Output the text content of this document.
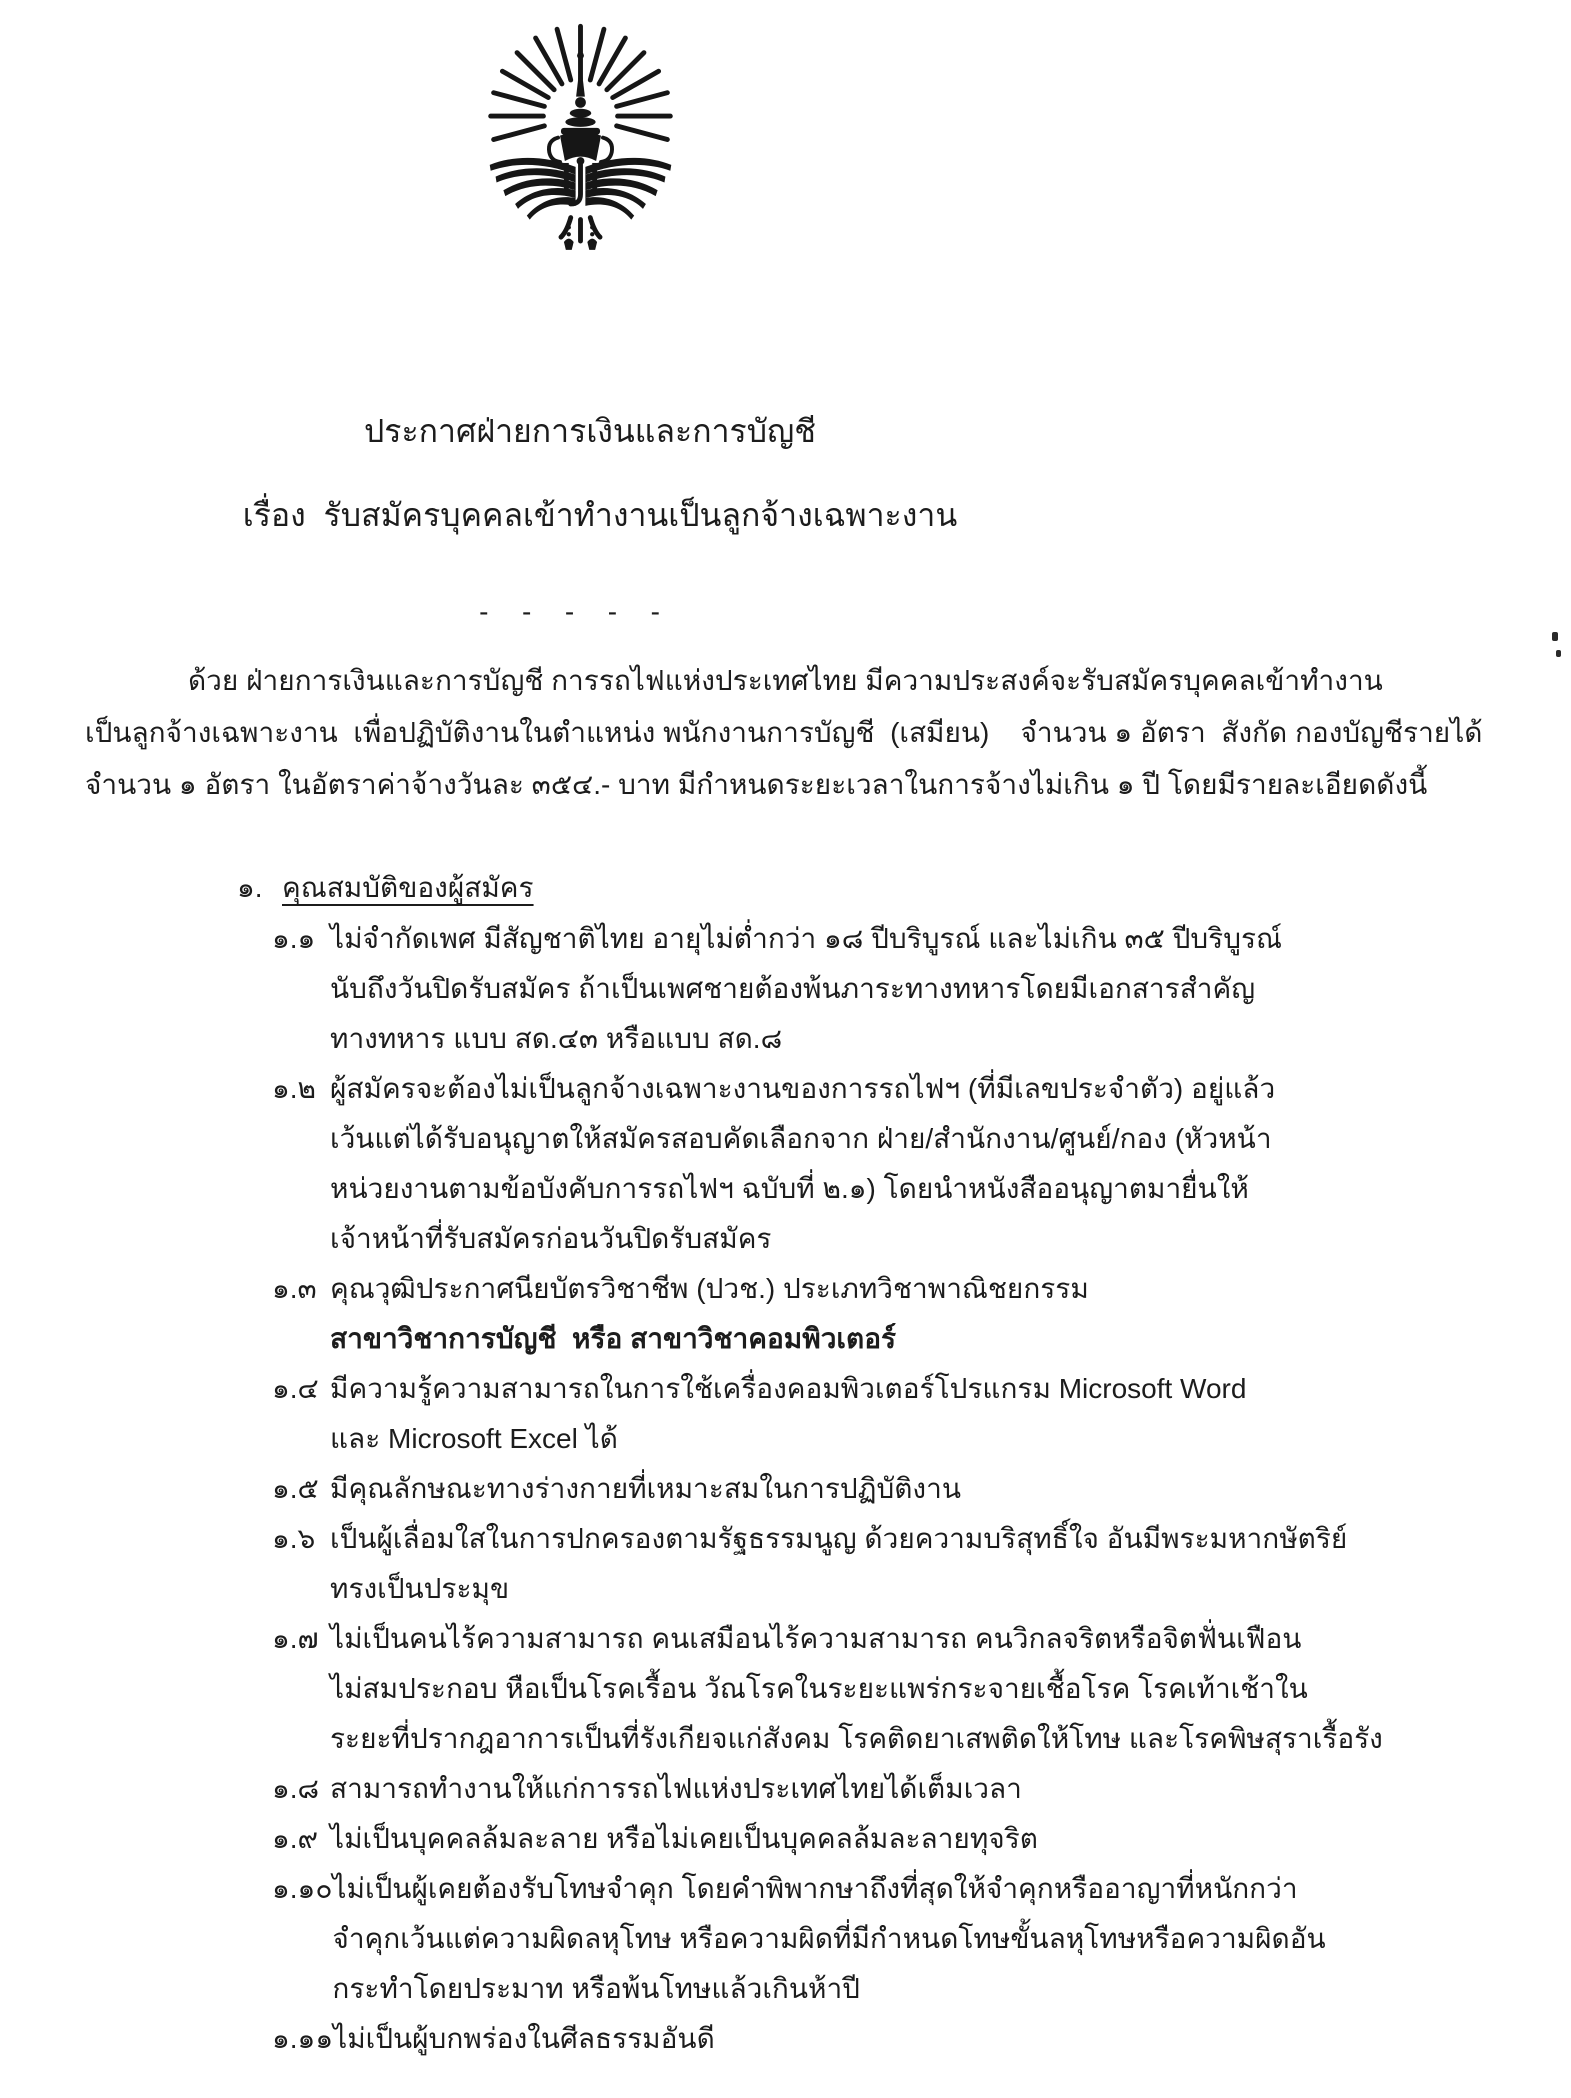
ประกาศฝ่ายการเงินและการบัญชี
เรื่อง  รับสมัครบุคคลเข้าทำงานเป็นลูกจ้างเฉพาะงาน
-  -  -  -  -
ด้วย ฝ่ายการเงินและการบัญชี การรถไฟแห่งประเทศไทย มีความประสงค์จะรับสมัครบุคคลเข้าทำงาน
เป็นลูกจ้างเฉพาะงาน  เพื่อปฏิบัติงานในตำแหน่ง พนักงานการบัญชี  (เสมียน)    จำนวน ๑ อัตรา  สังกัด กองบัญชีรายได้
จำนวน ๑ อัตรา ในอัตราค่าจ้างวันละ ๓๕๔.- บาท มีกำหนดระยะเวลาในการจ้างไม่เกิน ๑ ปี โดยมีรายละเอียดดังนี้
๑. คุณสมบัติของผู้สมัคร
๑.๑ ไม่จำกัดเพศ มีสัญชาติไทย อายุไม่ต่ำกว่า ๑๘ ปีบริบูรณ์ และไม่เกิน ๓๕ ปีบริบูรณ์
นับถึงวันปิดรับสมัคร ถ้าเป็นเพศชายต้องพ้นภาระทางทหารโดยมีเอกสารสำคัญ
ทางทหาร แบบ สด.๔๓ หรือแบบ สด.๘
๑.๒ ผู้สมัครจะต้องไม่เป็นลูกจ้างเฉพาะงานของการรถไฟฯ (ที่มีเลขประจำตัว) อยู่แล้ว
เว้นแต่ได้รับอนุญาตให้สมัครสอบคัดเลือกจาก ฝ่าย/สำนักงาน/ศูนย์/กอง (หัวหน้า
หน่วยงานตามข้อบังคับการรถไฟฯ ฉบับที่ ๒.๑) โดยนำหนังสืออนุญาตมายื่นให้
เจ้าหน้าที่รับสมัครก่อนวันปิดรับสมัคร
๑.๓ คุณวุฒิประกาศนียบัตรวิชาชีพ (ปวช.) ประเภทวิชาพาณิชยกรรม
สาขาวิชาการบัญชี  หรือ สาขาวิชาคอมพิวเตอร์
๑.๔ มีความรู้ความสามารถในการใช้เครื่องคอมพิวเตอร์โปรแกรม Microsoft Word
และ Microsoft Excel ได้
๑.๕ มีคุณลักษณะทางร่างกายที่เหมาะสมในการปฏิบัติงาน
๑.๖ เป็นผู้เลื่อมใสในการปกครองตามรัฐธรรมนูญ ด้วยความบริสุทธิ์ใจ อันมีพระมหากษัตริย์
ทรงเป็นประมุข
๑.๗ ไม่เป็นคนไร้ความสามารถ คนเสมือนไร้ความสามารถ คนวิกลจริตหรือจิตฟั่นเฟือน
ไม่สมประกอบ หือเป็นโรคเรื้อน วัณโรคในระยะแพร่กระจายเชื้อโรค โรคเท้าเช้าใน
ระยะที่ปรากฎอาการเป็นที่รังเกียจแก่สังคม โรคติดยาเสพติดให้โทษ และโรคพิษสุราเรื้อรัง
๑.๘ สามารถทำงานให้แก่การรถไฟแห่งประเทศไทยได้เต็มเวลา
๑.๙ ไม่เป็นบุคคลล้มละลาย หรือไม่เคยเป็นบุคคลล้มละลายทุจริต
๑.๑๐ ไม่เป็นผู้เคยต้องรับโทษจำคุก โดยคำพิพากษาถึงที่สุดให้จำคุกหรืออาญาที่หนักกว่า
จำคุกเว้นแต่ความผิดลหุโทษ หรือความผิดที่มีกำหนดโทษขั้นลหุโทษหรือความผิดอัน
กระทำโดยประมาท หรือพ้นโทษแล้วเกินห้าปี
๑.๑๑ ไม่เป็นผู้บกพร่องในศีลธรรมอันดี
